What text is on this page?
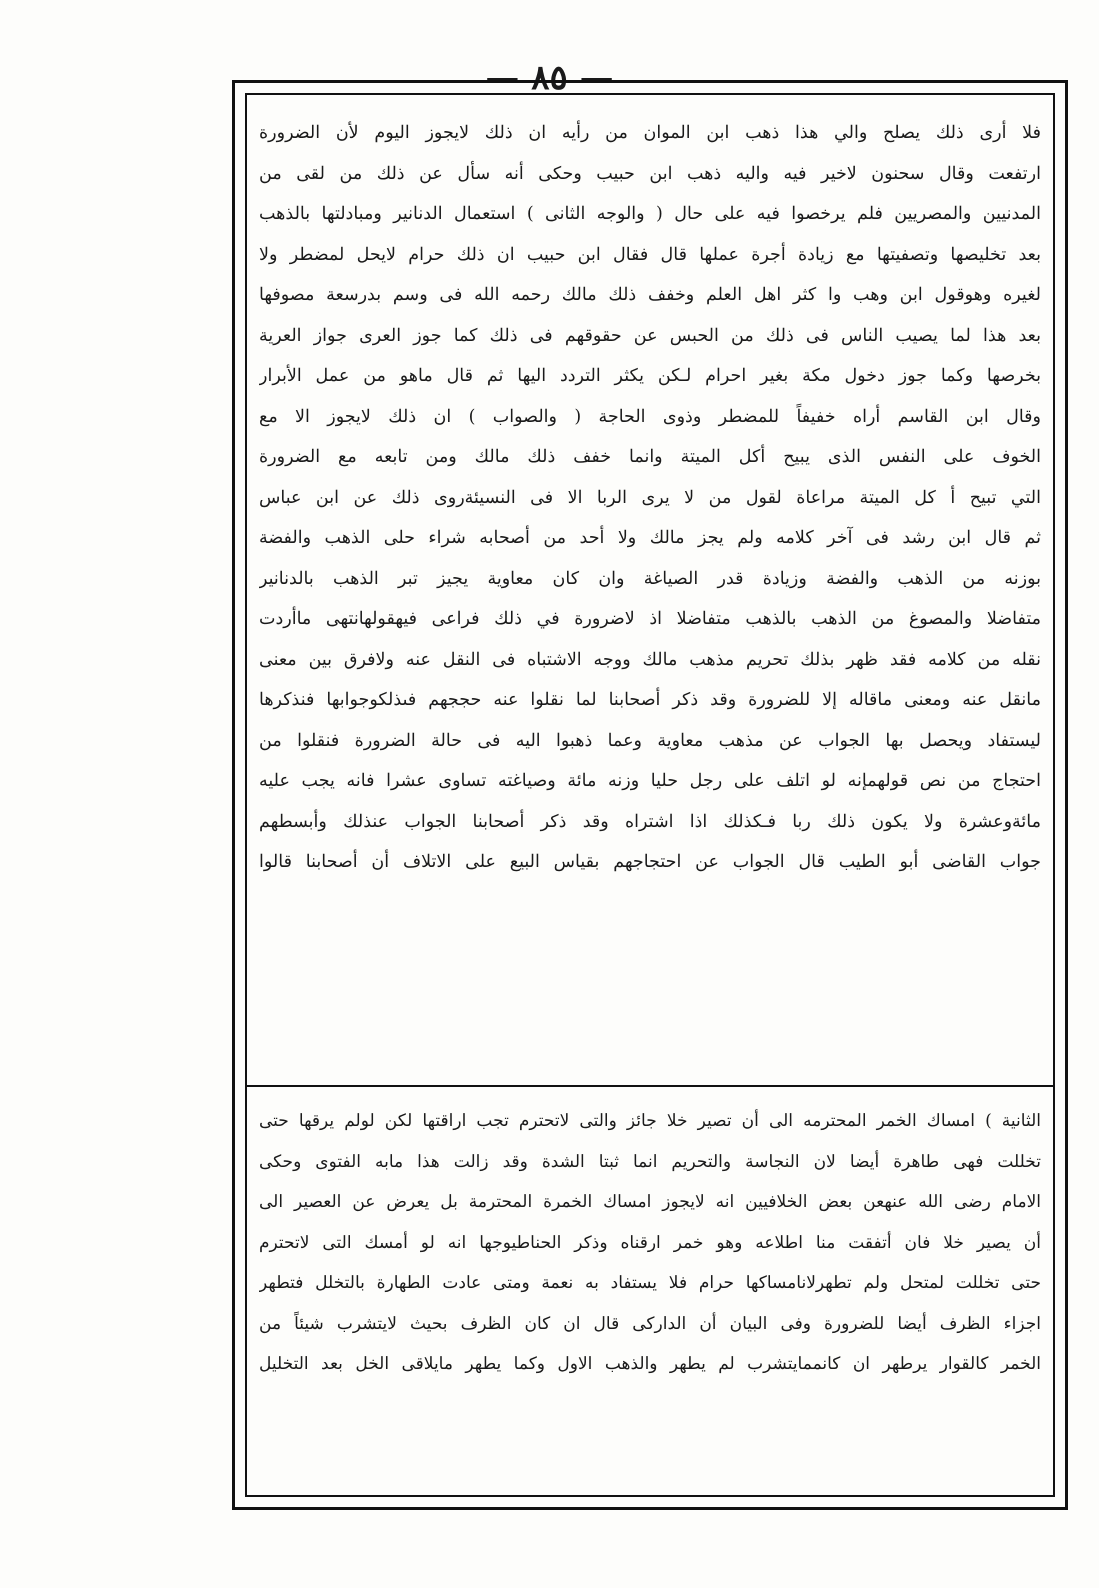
— ٨٥ —
فلا أرى ذلك يصلح والي هذا ذهب ابن الموان من رأيه ان ذلك لايجوز اليوم لأن الضرورة
ارتفعت وقال سحنون لاخير فيه واليه ذهب ابن حبيب وحكى أنه سأل عن ذلك من لقى من
المدنيين والمصريين فلم يرخصوا فيه على حال ( والوجه الثانى ) استعمال الدنانير ومبادلتها بالذهب
بعد تخليصها وتصفيتها مع زيادة أجرة عملها قال فقال ابن حبيب ان ذلك حرام لايحل لمضطر ولا
لغيره وهوقول ابن وهب وا كثر اهل العلم وخفف ذلك مالك رحمه الله فى وسم بدرسعة مصوفها
بعد هذا لما يصيب الناس فى ذلك من الحبس عن حقوقهم فى ذلك كما جوز العرى جواز العرية
بخرصها وكما جوز دخول مكة بغير احرام لـكن يكثر التردد اليها ثم قال ماهو من عمل الأبرار
وقال ابن القاسم أراه خفيفاً للمضطر وذوى الحاجة ( والصواب ) ان ذلك لايجوز الا مع
الخوف على النفس الذى يبيح أكل الميتة وانما خفف ذلك مالك ومن تابعه مع الضرورة
التي تبيح أ كل الميتة مراعاة لقول من لا يرى الربا الا فى النسيئةروى ذلك عن ابن عباس
ثم قال ابن رشد فى آخر كلامه ولم يجز مالك ولا أحد من أصحابه شراء حلى الذهب والفضة
بوزنه من الذهب والفضة وزيادة قدر الصياغة وان كان معاوية يجيز تبر الذهب بالدنانير
متفاضلا والمصوغ من الذهب بالذهب متفاضلا اذ لاضرورة في ذلك فراعى فيهقولهانتهى ماأردت
نقله من كلامه فقد ظهر بذلك تحريم مذهب مالك ووجه الاشتباه فى النقل عنه ولافرق بين معنى
مانقل عنه ومعنى ماقاله إلا للضرورة وقد ذكر أصحابنا لما نقلوا عنه حججهم فىذلكوجوابها فنذكرها
ليستفاد ويحصل بها الجواب عن مذهب معاوية وعما ذهبوا اليه فى حالة الضرورة فنقلوا من
احتجاج من نص قولهمإنه لو اتلف على رجل حليا وزنه مائة وصياغته تساوى عشرا فانه يجب عليه
مائةوعشرة ولا يكون ذلك ربا فـكذلك اذا اشتراه وقد ذكر أصحابنا الجواب عنذلك وأبسطهم
جواب القاضى أبو الطيب قال الجواب عن احتجاجهم بقياس البيع على الاتلاف أن أصحابنا قالوا
الثانية ) امساك الخمر المحترمه الى أن تصير خلا جائز والتى لاتحترم تجب اراقتها لكن لولم يرقها حتى
تخللت فهى طاهرة أيضا لان النجاسة والتحريم انما ثبتا الشدة وقد زالت هذا مابه الفتوى وحكى
الامام رضى الله عنهعن بعض الخلافيين انه لايجوز امساك الخمرة المحترمة بل يعرض عن العصير الى
أن يصير خلا فان أتفقت منا اطلاعه وهو خمر ارقناه وذكر الحناطيوجها انه لو أمسك التى لاتحترم
حتى تخللت لمتحل ولم تطهرلانامساكها حرام فلا يستفاد به نعمة ومتى عادت الطهارة بالتخلل فتطهر
اجزاء الظرف أيضا للضرورة وفى البيان أن الداركى قال ان كان الظرف بحيث لايتشرب شيئاً من
الخمر كالقوار يرطهر ان كانممايتشرب لم يطهر والذهب الاول وكما يطهر مايلاقى الخل بعد التخليل
